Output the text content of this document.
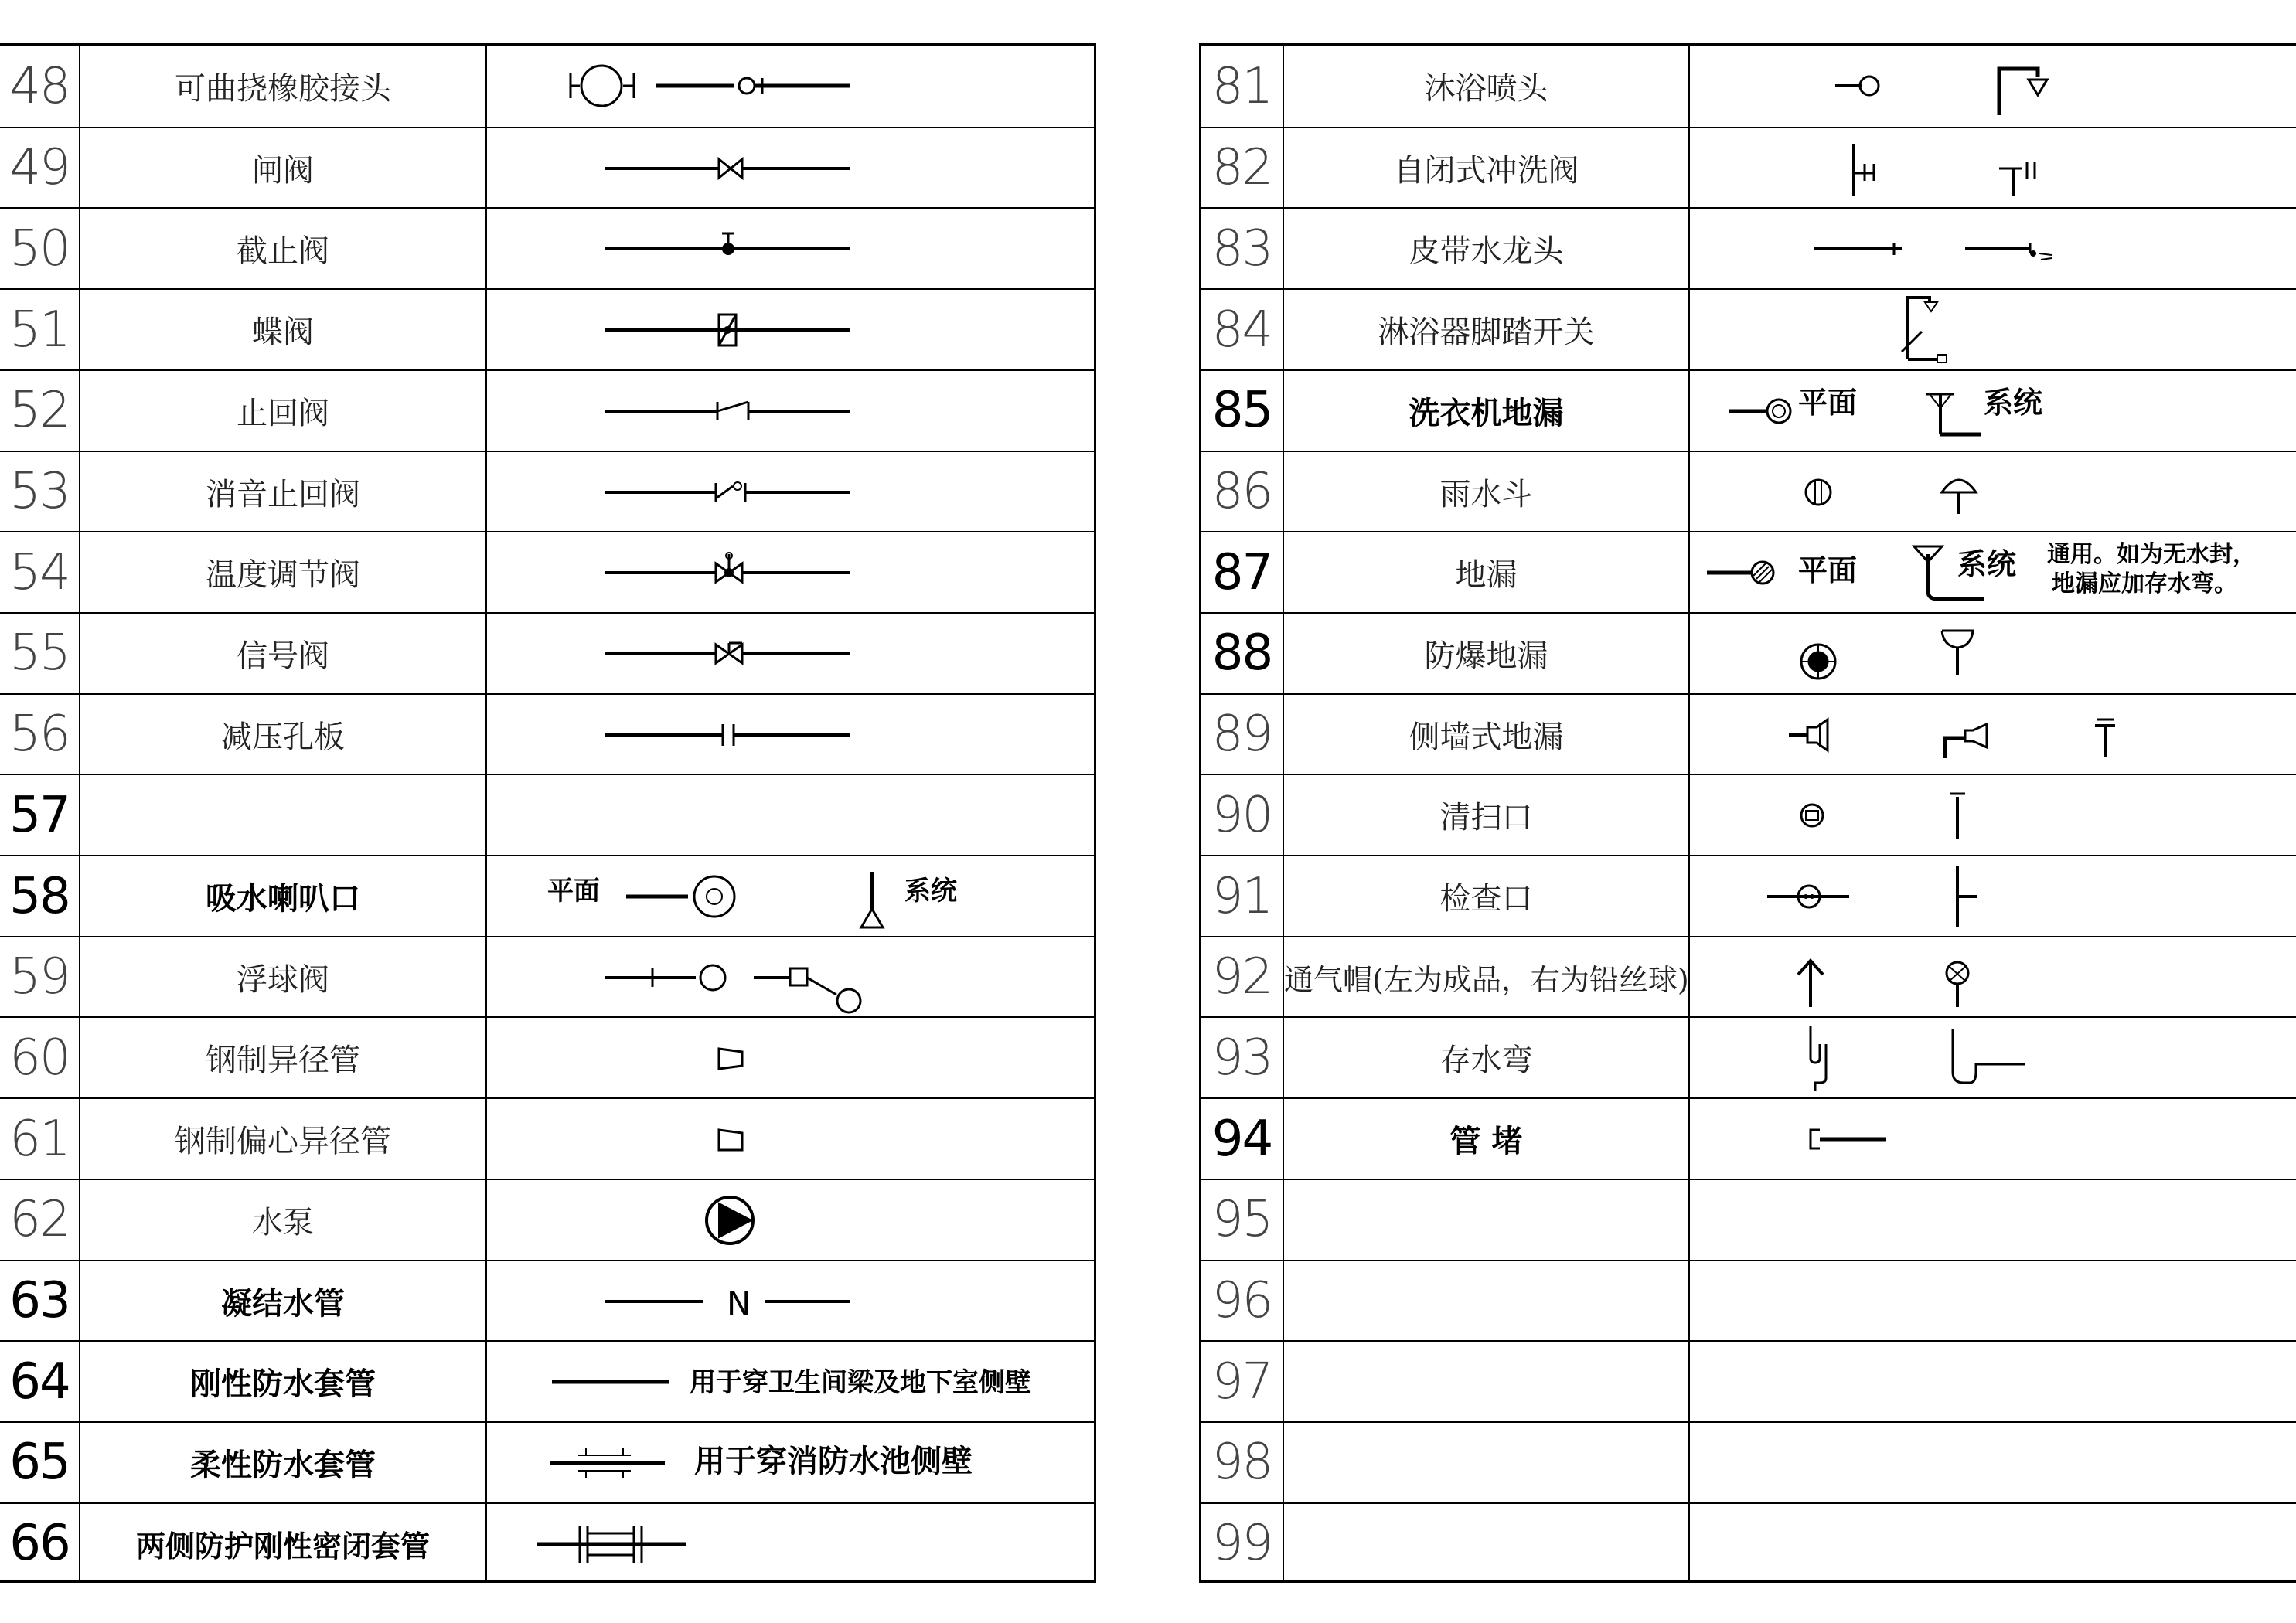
48	可曲挠橡胶接头
49	闸阀
50	截止阀
51	蝶阀
52	止回阀
53	消音止回阀
54	温度调节阀
55	信号阀
56	减压孔板
57
58	吸水喇叭口	平面	系统
59	浮球阀
60	钢制异径管
61	钢制偏心异径管
62	水泵
63	凝结水管	N
64	刚性防水套管	用于穿卫生间梁及地下室侧壁
65	柔性防水套管	用于穿消防水池侧壁
66	两侧防护刚性密闭套管
81	沐浴喷头
82	自闭式冲洗阀
83	皮带水龙头
84	淋浴器脚踏开关
85	洗衣机地漏	平面	系统
86	雨水斗
87	地漏	平面	系统 通用。如为无水封，
地漏应加存水弯。
88	防爆地漏
89	侧墙式地漏
90	清扫口
91	检查口
92 通气帽(左为成品，右为铅丝球)
93	存水弯
94	管 堵
95
96
97
98
99
